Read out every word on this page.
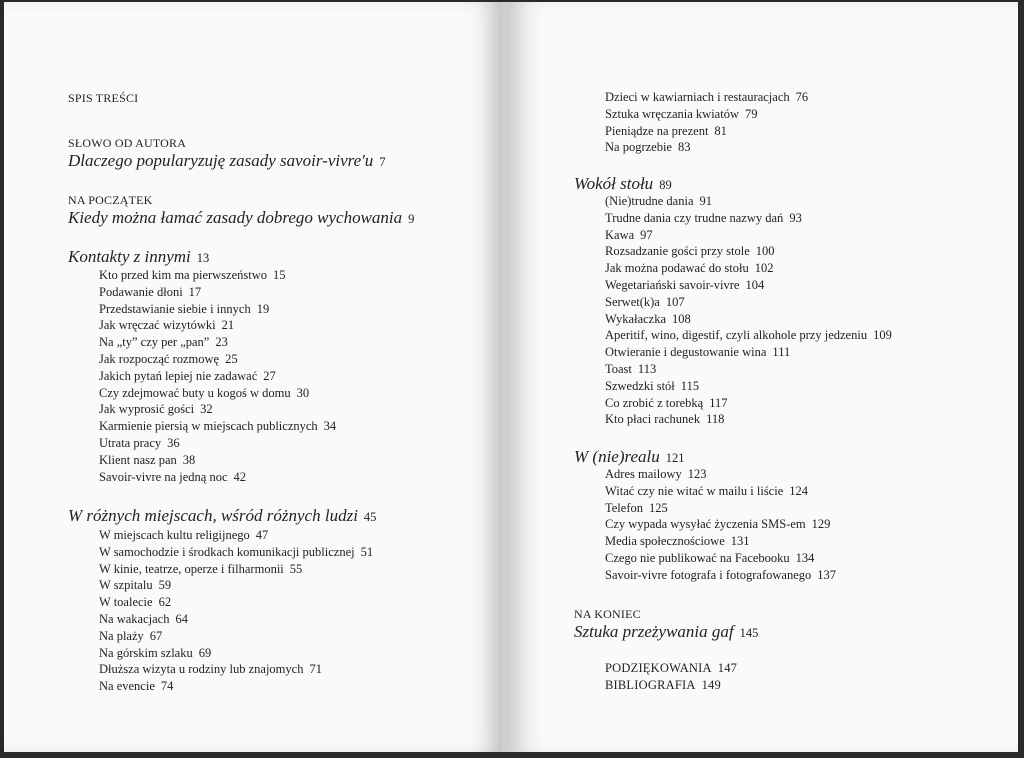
SPIS TREŚCI
SŁOWO OD AUTORA
Dlaczego popularyzuję zasady savoir-vivre'u 7
NA POCZĄTEK
Kiedy można łamać zasady dobrego wychowania 9
Kontakty z innymi 13
Kto przed kim ma pierwszeństwo 15
Podawanie dłoni 17
Przedstawianie siebie i innych 19
Jak wręczać wizytówki 21
Na „ty” czy per „pan” 23
Jak rozpocząć rozmowę 25
Jakich pytań lepiej nie zadawać 27
Czy zdejmować buty u kogoś w domu 30
Jak wyprosić gości 32
Karmienie piersią w miejscach publicznych 34
Utrata pracy 36
Klient nasz pan 38
Savoir-vivre na jedną noc 42
W różnych miejscach, wśród różnych ludzi 45
W miejscach kultu religijnego 47
W samochodzie i środkach komunikacji publicznej 51
W kinie, teatrze, operze i filharmonii 55
W szpitalu 59
W toalecie 62
Na wakacjach 64
Na plaży 67
Na górskim szlaku 69
Dłuższa wizyta u rodziny lub znajomych 71
Na evencie 74
Dzieci w kawiarniach i restauracjach 76
Sztuka wręczania kwiatów 79
Pieniądze na prezent 81
Na pogrzebie 83
Wokół stołu 89
(Nie)trudne dania 91
Trudne dania czy trudne nazwy dań 93
Kawa 97
Rozsadzanie gości przy stole 100
Jak można podawać do stołu 102
Wegetariański savoir-vivre 104
Serwet(k)a 107
Wykałaczka 108
Aperitif, wino, digestif, czyli alkohole przy jedzeniu 109
Otwieranie i degustowanie wina 111
Toast 113
Szwedzki stół 115
Co zrobić z torebką 117
Kto płaci rachunek 118
W (nie)realu 121
Adres mailowy 123
Witać czy nie witać w mailu i liście 124
Telefon 125
Czy wypada wysyłać życzenia SMS-em 129
Media społecznościowe 131
Czego nie publikować na Facebooku 134
Savoir-vivre fotografa i fotografowanego 137
NA KONIEC
Sztuka przeżywania gaf 145
PODZIĘKOWANIA 147
BIBLIOGRAFIA 149
